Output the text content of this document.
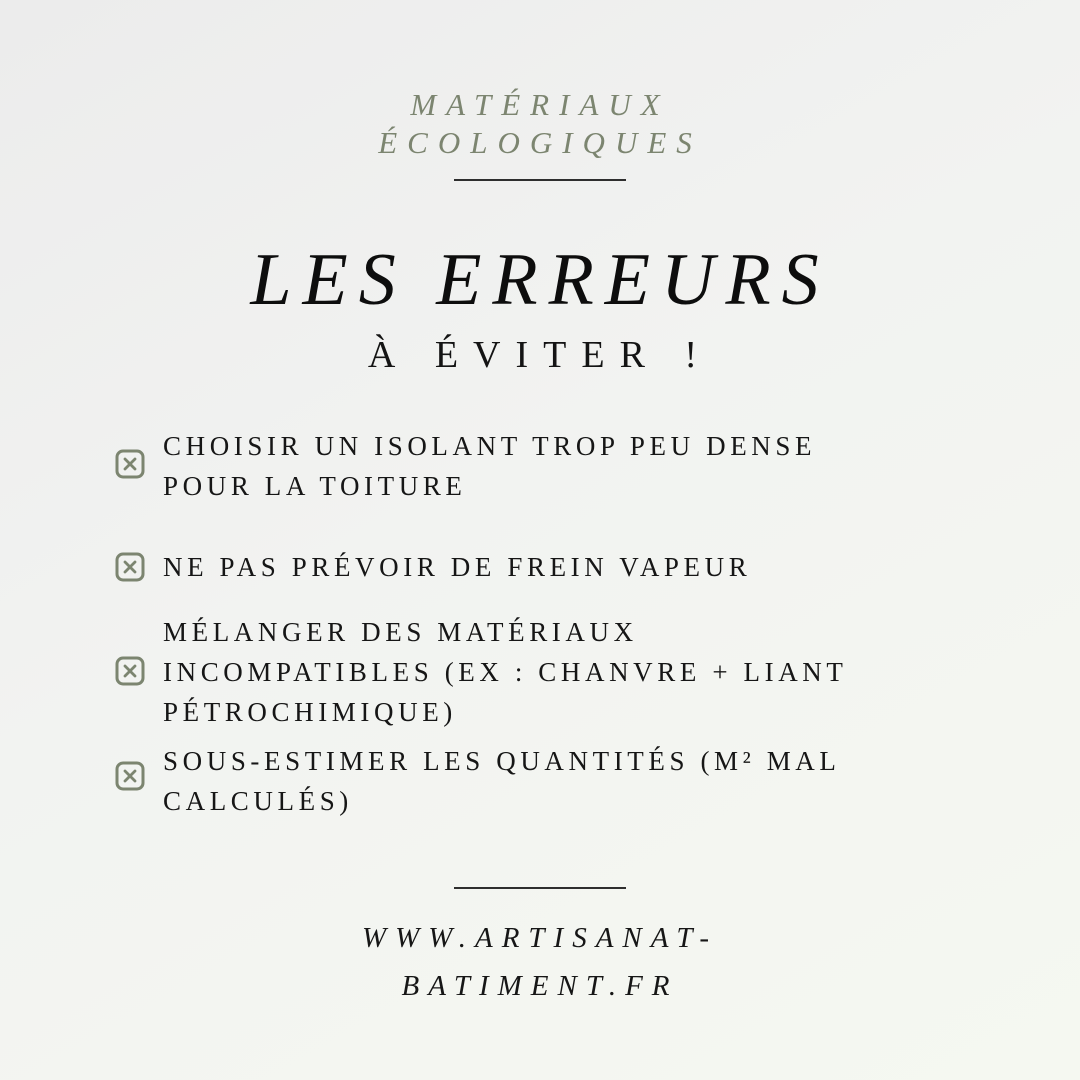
MATÉRIAUX
ÉCOLOGIQUES
LES ERREURS
À ÉVITER !
CHOISIR UN ISOLANT TROP PEU DENSE
POUR LA TOITURE
NE PAS PRÉVOIR DE FREIN VAPEUR
MÉLANGER DES MATÉRIAUX
INCOMPATIBLES (EX : CHANVRE + LIANT
PÉTROCHIMIQUE)
SOUS-ESTIMER LES QUANTITÉS (M² MAL
CALCULÉS)
WWW.ARTISANAT-
BATIMENT.FR
